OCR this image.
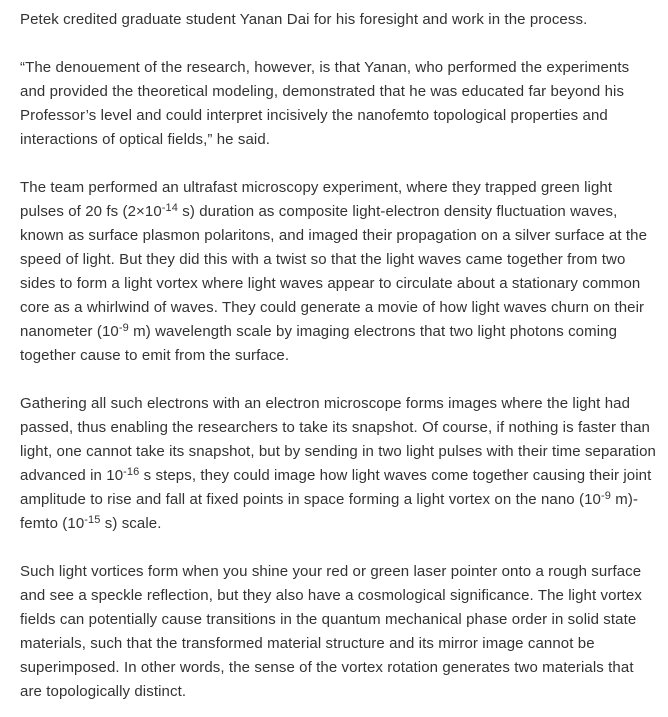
Petek credited graduate student Yanan Dai for his foresight and work in the process.

“The denouement of the research, however, is that Yanan, who performed the experiments and provided the theoretical modeling, demonstrated that he was educated far beyond his Professor’s level and could interpret incisively the nanofemto topological properties and interactions of optical fields,” he said.

The team performed an ultrafast microscopy experiment, where they trapped green light pulses of 20 fs ($2\times 10^{-14}$ s) duration as composite light-electron density fluctuation waves, known as surface plasmon polaritons, and imaged their propagation on a silver surface at the speed of light. But they did this with a twist so that the light waves came together from two sides to form a light vortex where light waves appear to circulate about a stationary common core as a whirlwind of waves. They could generate a movie of how light waves churn on their nanometer ($10^{-9}$ m) wavelength scale by imaging electrons that two light photons coming together cause to emit from the surface.

Gathering all such electrons with an electron microscope forms images where the light had passed, thus enabling the researchers to take its snapshot. Of course, if nothing is faster than light, one cannot take its snapshot, but by sending in two light pulses with their time separation advanced in $10^{-16}$ s steps, they could image how light waves come together causing their joint amplitude to rise and fall at fixed points in space forming a light vortex on the nano ($10^{-9}$ m)-femto ($10^{-15}$ s) scale.

Such light vortices form when you shine your red or green laser pointer onto a rough surface and see a speckle reflection, but they also have a cosmological significance. The light vortex fields can potentially cause transitions in the quantum mechanical phase order in solid state materials, such that the transformed material structure and its mirror image cannot be superimposed. In other words, the sense of the vortex rotation generates two materials that are topologically distinct.
